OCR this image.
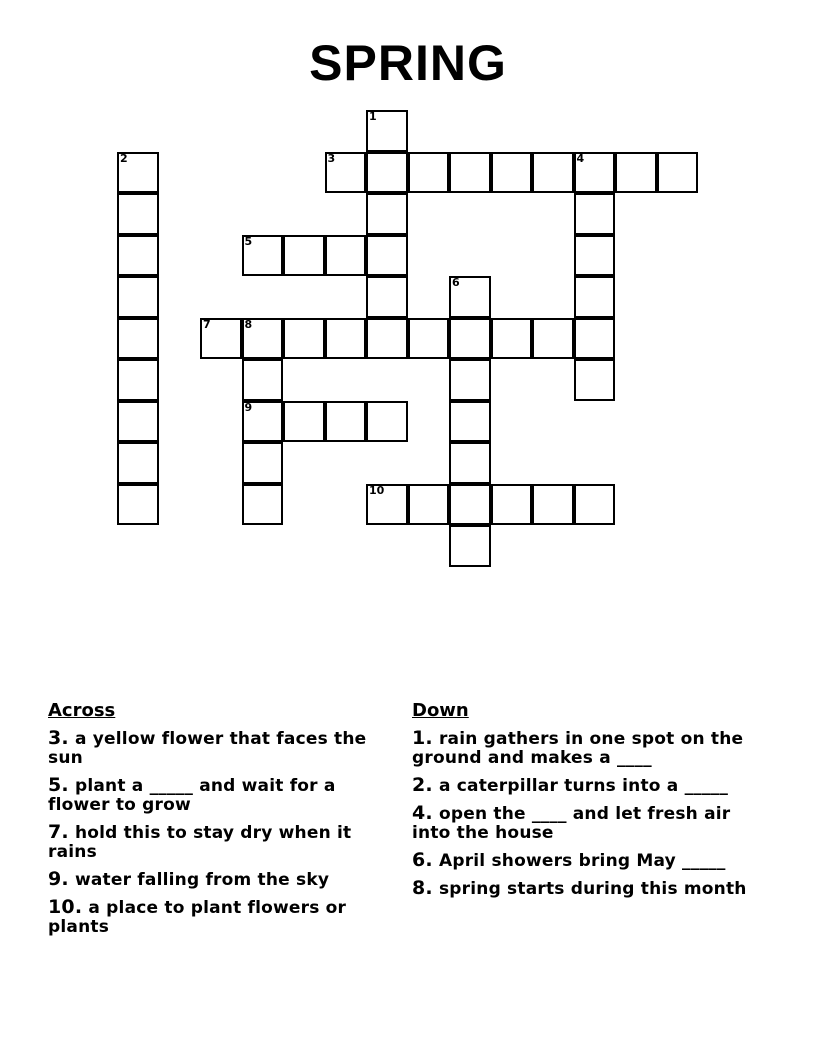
SPRING
1
2	3	4
5
6
7	8
9
10
Across
3. a yellow flower that faces the sun
5. plant a _____ and wait for a flower to grow
7. hold this to stay dry when it rains
9. water falling from the sky
10. a place to plant flowers or plants
Down
1. rain gathers in one spot on the ground and makes a ____
2. a caterpillar turns into a _____
4. open the ____ and let fresh air into the house
6. April showers bring May _____
8. spring starts during this month
